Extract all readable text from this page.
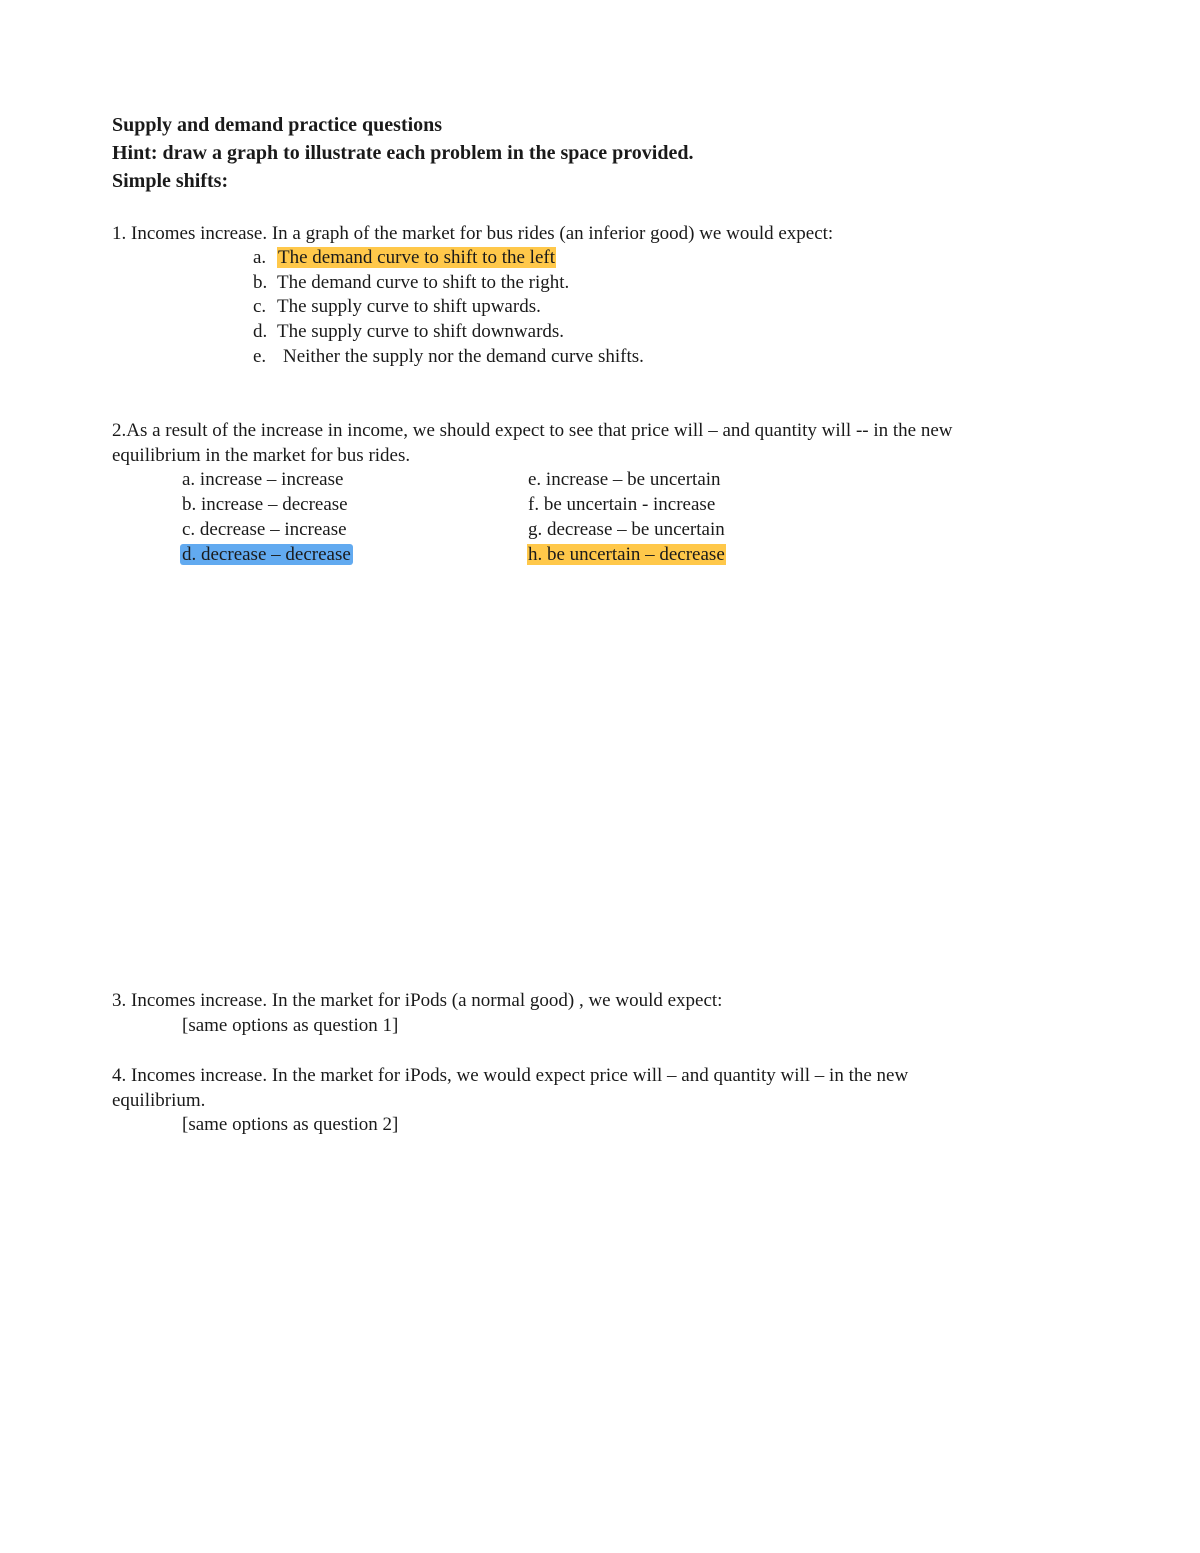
Supply and demand practice questions
Hint: draw a graph to illustrate each problem in the space provided.
Simple shifts:
1. Incomes increase. In a graph of the market for bus rides (an inferior good) we would expect:
a. The demand curve to shift to the left
b. The demand curve to shift to the right.
c. The supply curve to shift upwards.
d. The supply curve to shift downwards.
e. Neither the supply nor the demand curve shifts.
2.As a result of the increase in income, we should expect to see that price will – and quantity will -- in the new
equilibrium in the market for bus rides.
a. increase – increase
b. increase – decrease
c. decrease – increase
d. decrease – decrease
e. increase – be uncertain
f. be uncertain - increase
g. decrease – be uncertain
h. be uncertain – decrease
3. Incomes increase. In the market for iPods (a normal good) , we would expect:
[same options as question 1]
4. Incomes increase. In the market for iPods, we would expect price will – and quantity will – in the new
equilibrium.
[same options as question 2]
